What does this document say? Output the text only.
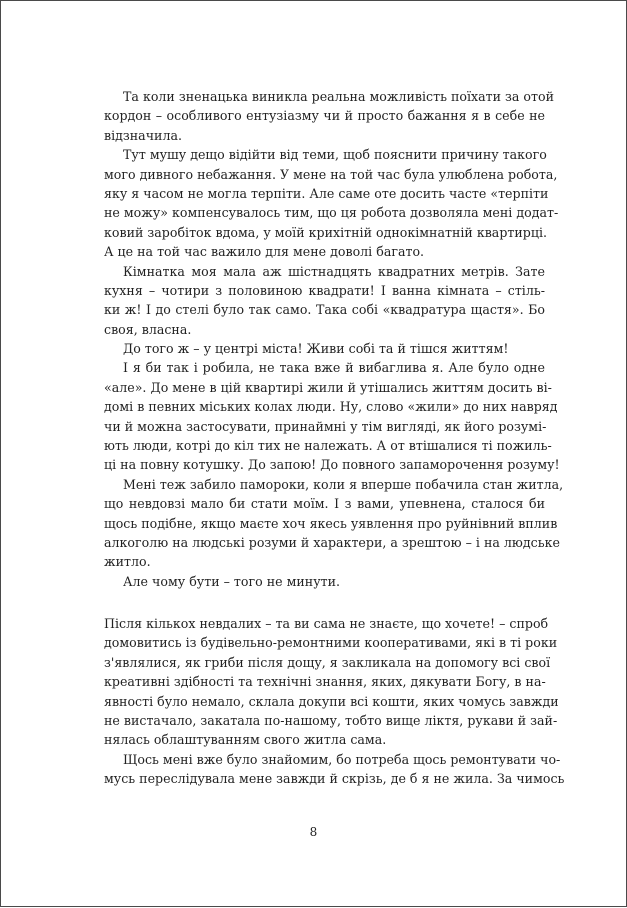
Та коли зненацька виникла реальна можливість поїхати за отой
кордон – особливого ентузіазму чи й просто бажання я в себе не
відзначила.
Тут мушу дещо відійти від теми, щоб пояснити причину такого
мого дивного небажання. У мене на той час була улюблена робота,
яку я часом не могла терпіти. Але саме оте досить часте «терпіти
не можу» компенсувалось тим, що ця робота дозволяла мені додат-
ковий заробіток вдома, у моїй крихітній однокімнатній квартирці.
А це на той час важило для мене доволі багато.
Кімнатка моя мала аж шістнадцять квадратних метрів. Зате
кухня – чотири з половиною квадрати! І ванна кімната – стіль-
ки ж! І до стелі було так само. Така собі «квадратура щастя». Бо
своя, власна.
До того ж – у центрі міста! Живи собі та й тішся життям!
І я би так і робила, не така вже й вибаглива я. Але було одне
«але». До мене в цій квартирі жили й утішались життям досить ві-
домі в певних міських колах люди. Ну, слово «жили» до них навряд
чи й можна застосувати, принаймні у тім вигляді, як його розумі-
ють люди, котрі до кіл тих не належать. А от втішалися ті пожиль-
ці на повну котушку. До запою! До повного запаморочення розуму!
Мені теж забило памороки, коли я вперше побачила стан житла,
що невдовзі мало би стати моїм. І з вами, упевнена, сталося би
щось подібне, якщо маєте хоч якесь уявлення про руйнівний вплив
алкоголю на людські розуми й характери, а зрештою – і на людське
житло.
Але чому бути – того не минути.
Після кількох невдалих – та ви сама не знаєте, що хочете! – спроб
домовитись із будівельно-ремонтними кооперативами, які в ті роки
з'являлися, як гриби після дощу, я закликала на допомогу всі свої
креативні здібності та технічні знання, яких, дякувати Богу, в на-
явності було немало, склала докупи всі кошти, яких чомусь завжди
не вистачало, закатала по-нашому, тобто вище ліктя, рукави й зай-
нялась облаштуванням свого житла сама.
Щось мені вже було знайомим, бо потреба щось ремонтувати чо-
мусь переслідувала мене завжди й скрізь, де б я не жила. За чимось
8
